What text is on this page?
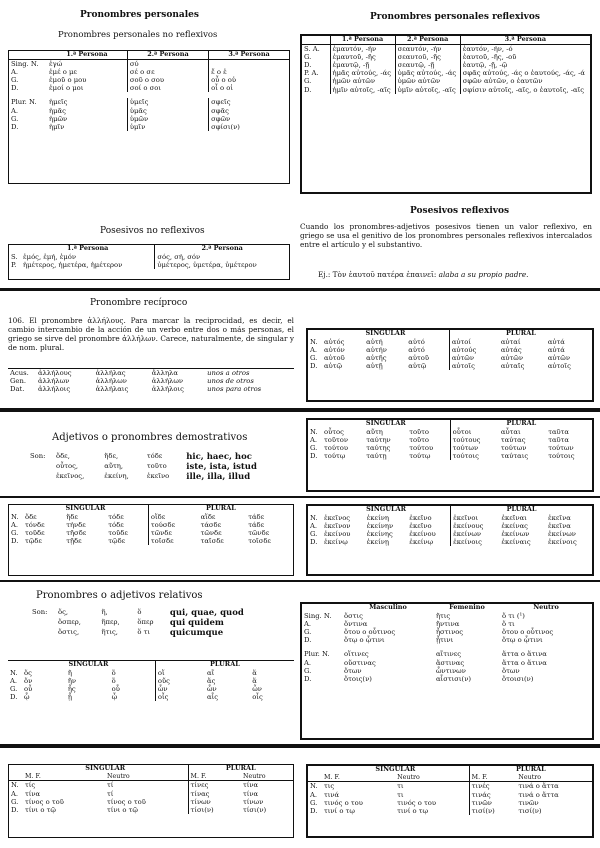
Pronombres personales
Pronombres personales no reflexivos
	1.ª Persona	2.ª Persona	3.ª Persona
Sing. N.	ἐγώ	σύ	
A.	ἐμέ o με	σέ o σε	ἕ o ἑ
G.	ἐμοῦ o μου	σοῦ o σου	οὗ o οὑ
D.	ἐμοί o μοι	σοί o σοι	οἷ o οἱ
Plur. N.	ἡμεῖς	ὑμεῖς	σφεῖς
A.	ἡμᾶς	ὑμᾶς	σφᾶς
G.	ἡμῶν	ὑμῶν	σφῶν
D.	ἡμῖν	ὑμῖν	σφίσι(ν)
Pronombres personales reflexivos
	1.ª Persona	2.ª Persona	3.ª Persona
S. A.	ἐμαυτόν, -ήν	σεαυτόν, -ήν	ἑαυτόν, -ήν, -ό
G.	ἐμαυτοῦ, -ῆς	σεαυτοῦ, -ῆς	ἑαυτοῦ, -ῆς, -οῦ
D.	ἐμαυτῷ, -ῇ	σεαυτῷ, -ῇ	ἑαυτῷ, -ῇ, -ῷ
P. A.	ἡμᾶς αὐτούς, -άς	ὑμᾶς αὐτούς, -άς	σφᾶς αὐτούς, -άς o ἑαυτούς, -άς, -ά
G.	ἡμῶν αὐτῶν	ὑμῶν αὐτῶν	σφῶν αὐτῶν, o ἑαυτῶν
D.	ἡμῖν αὐτοῖς, -αῖς	ὑμῖν αὐτοῖς, -αῖς	σφίσιν αὐτοῖς, -αῖς, o ἑαυτοῖς, -αῖς
Posesivos no reflexivos
	1.ª Persona	2.ª Persona
S.	ἐμός, ἐμή, ἐμόν	σός, σή, σόν
P.	ἡμέτερος, ἡμετέρα, ἡμέτερον	ὑμέτερος, ὑμετέρα, ὑμέτερον
Posesivos reflexivos
Cuando los pronombres-adjetivos posesivos tienen un valor reflexivo, en griego se usa el genitivo de los pronombres personales reflexivos intercalados entre el artículo y el substantivo.
Ej.: Τὸν ἑαυτοῦ πατέρα ἐπαινεῖ: alaba a su propio padre.
Pronombre recíproco
106. El pronombre ἀλλήλους. Para marcar la reciprocidad, es decir, el cambio intercambio de la acción de un verbo entre dos o más personas, el griego se sirve del pronombre ἀλλήλων. Carece, naturalmente, de singular y de nom. plural.
Acus.	ἀλλήλους	ἀλλήλας	ἄλληλα	unos a otros
Gen.	ἀλλήλων	ἀλλήλων	ἀλλήλων	unos de otros
Dat.	ἀλλήλοις	ἀλλήλαις	ἀλλήλοις	unos para otros
	SINGULAR			PLURAL		
N.	αὐτός	αὐτή	αὐτό	αὐτοί	αὐταί	αὐτά
A.	αὐτόν	αὐτήν	αὐτό	αὐτούς	αὐτάς	αὐτά
G.	αὐτοῦ	αὐτῆς	αὐτοῦ	αὐτῶν	αὐτῶν	αὐτῶν
D.	αὐτῷ	αὐτῇ	αὐτῷ	αὐτοῖς	αὐταῖς	αὐτοῖς
Adjetivos o pronombres demostrativos
Son:	ὅδε,	ἥδε,	τόδε	hic, haec, hoc
	οὗτος,	αὕτη,	τοῦτο	iste, ista, istud
	ἐκεῖνος,	ἐκείνη,	ἐκεῖνο	ille, illa, illud
	SINGULAR			PLURAL		
N.	οὗτος	αὕτη	τοῦτο	οὗτοι	αὗται	ταῦτα
A.	τοῦτον	ταύτην	τοῦτο	τούτους	ταύτας	ταῦτα
G.	τούτου	ταύτης	τούτου	τούτων	τούτων	τούτων
D.	τούτῳ	ταύτῃ	τούτῳ	τούτοις	ταύταις	τούτοις
	SINGULAR			PLURAL		
N.	ὅδε	ἥδε	τόδε	οἵδε	αἵδε	τάδε
A.	τόνδε	τήνδε	τόδε	τούσδε	τάσδε	τάδε
G.	τοῦδε	τῆσδε	τοῦδε	τῶνδε	τῶνδε	τῶνδε
D.	τῷδε	τῇδε	τῷδε	τοῖσδε	ταῖσδε	τοῖσδε
	SINGULAR			PLURAL		
N.	ἐκεῖνος	ἐκείνη	ἐκεῖνο	ἐκεῖνοι	ἐκεῖναι	ἐκεῖνα
A.	ἐκεῖνον	ἐκείνην	ἐκεῖνο	ἐκείνους	ἐκείνας	ἐκεῖνα
G.	ἐκείνου	ἐκείνης	ἐκείνου	ἐκείνων	ἐκείνων	ἐκείνων
D.	ἐκείνῳ	ἐκείνῃ	ἐκείνῳ	ἐκείνοις	ἐκείναις	ἐκείνοις
Pronombres o adjetivos relativos
Son:	ὅς,	ἥ,	ὅ	qui, quae, quod
	ὅσπερ,	ἥπερ,	ὅπερ	qui quidem
	ὅστις,	ἥτις,	ὅ τι	quicumque
	SINGULAR			PLURAL		
N.	ὅς	ἥ	ὅ	οἵ	αἵ	ἅ
A.	ὅν	ἥν	ὅ	οὕς	ἅς	ἅ
G.	οὗ	ἧς	οὗ	ὧν	ὧν	ὧν
D.	ᾧ	ᾗ	ᾧ	οἷς	αἷς	οἷς
	Masculino	Femenino	Neutro
Sing. N.	ὅστις	ἥτις	ὅ τι (¹)
A.	ὅντινα	ἥντινα	ὅ τι
G.	ὅτου o οὗτινος	ἧστινος	ὅτου o οὗτινος
D.	ὅτῳ o ᾧτινι	ᾗτινι	ὅτῳ o ᾧτινι
Plur. N.	οἵτινες	αἵτινες	ἅττα o ἅτινα
A.	οὕστινας	ἅστινας	ἅττα o ἅτινα
G.	ὅτων	ὧντινων	ὅτων
D.	ὅτοις(ν)	αἷστισι(ν)	ὅτοισι(ν)
	SINGULAR		PLURAL	
	M. F.	Neutro	M. F.	Neutro
N.	τίς	τί	τίνες	τίνα
A.	τίνα	τί	τίνας	τίνα
G.	τίνος o τοῦ	τίνος o τοῦ	τίνων	τίνων
D.	τίνι o τῷ	τίνι o τῷ	τίσι(ν)	τίσι(ν)
	SINGULAR		PLURAL	
	M. F.	Neutro	M. F.	Neutro
N.	τις	τι	τινές	τινά o ἄττα
A.	τινά	τι	τινάς	τινά o ἄττα
G.	τινός o του	τινός o του	τινῶν	τινῶν
D.	τινί o τῳ	τινί o τῳ	τισί(ν)	τισί(ν)
